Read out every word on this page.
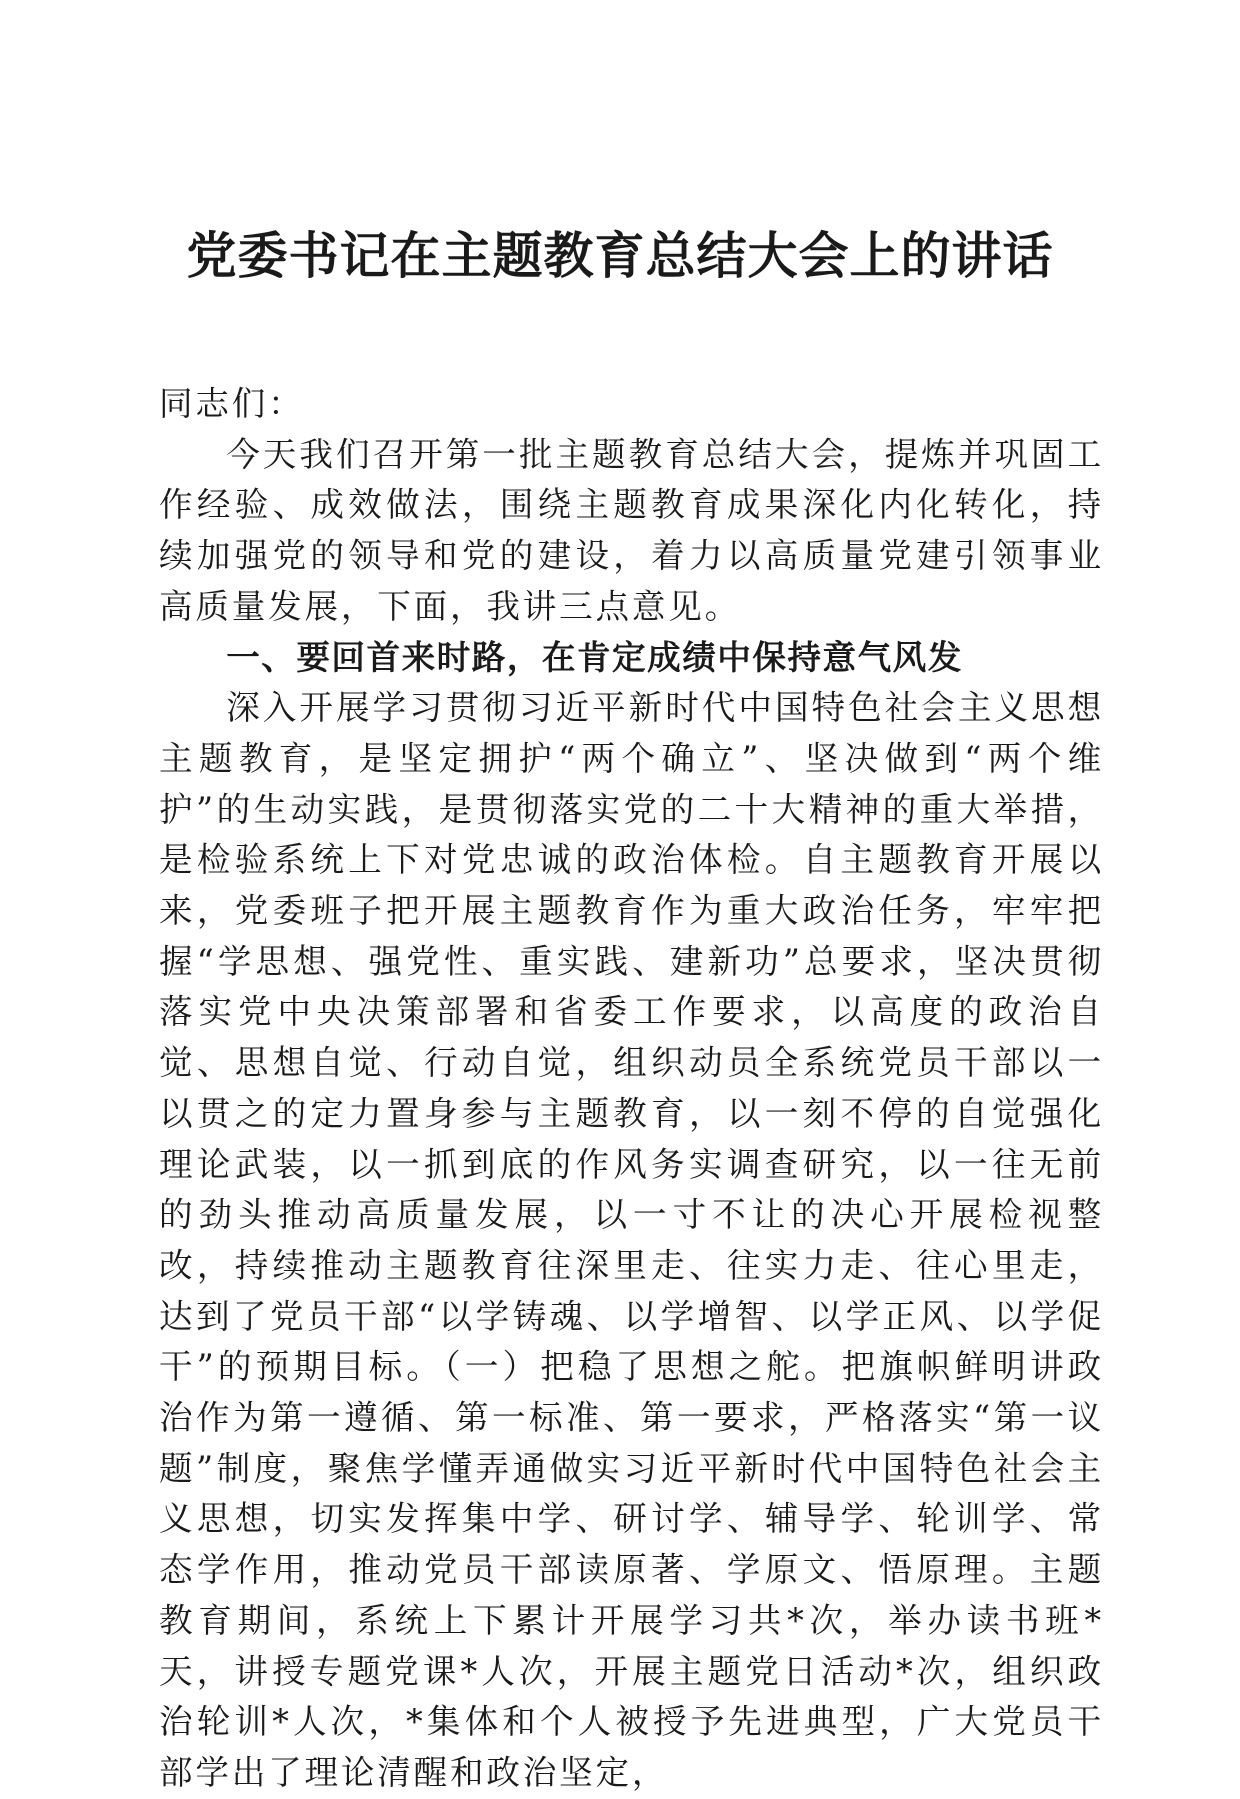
党委书记在主题教育总结大会上的讲话

同志们：

今天我们召开第一批主题教育总结大会，提炼并巩固工作经验、成效做法，围绕主题教育成果深化内化转化，持续加强党的领导和党的建设，着力以高质量党建引领事业高质量发展，下面，我讲三点意见。

一、要回首来时路，在肯定成绩中保持意气风发

深入开展学习贯彻习近平新时代中国特色社会主义思想主题教育，是坚定拥护“两个确立”、坚决做到“两个维护”的生动实践，是贯彻落实党的二十大精神的重大举措，是检验系统上下对党忠诚的政治体检。自主题教育开展以来，党委班子把开展主题教育作为重大政治任务，牢牢把握“学思想、强党性、重实践、建新功”总要求，坚决贯彻落实党中央决策部署和省委工作要求，以高度的政治自觉、思想自觉、行动自觉，组织动员全系统党员干部以一以贯之的定力置身参与主题教育，以一刻不停的自觉强化理论武装，以一抓到底的作风务实调查研究，以一往无前的劲头推动高质量发展，以一寸不让的决心开展检视整改，持续推动主题教育往深里走、往实力走、往心里走，达到了党员干部“以学铸魂、以学增智、以学正风、以学促干”的预期目标。（一）把稳了思想之舵。把旗帜鲜明讲政治作为第一遵循、第一标准、第一要求，严格落实“第一议题”制度，聚焦学懂弄通做实习近平新时代中国特色社会主义思想，切实发挥集中学、研讨学、辅导学、轮训学、常态学作用，推动党员干部读原著、学原文、悟原理。主题教育期间，系统上下累计开展学习共*次，举办读书班*天，讲授专题党课*人次，开展主题党日活动*次，组织政治轮训*人次，*集体和个人被授予先进典型，广大党员干部学出了理论清醒和政治坚定，
